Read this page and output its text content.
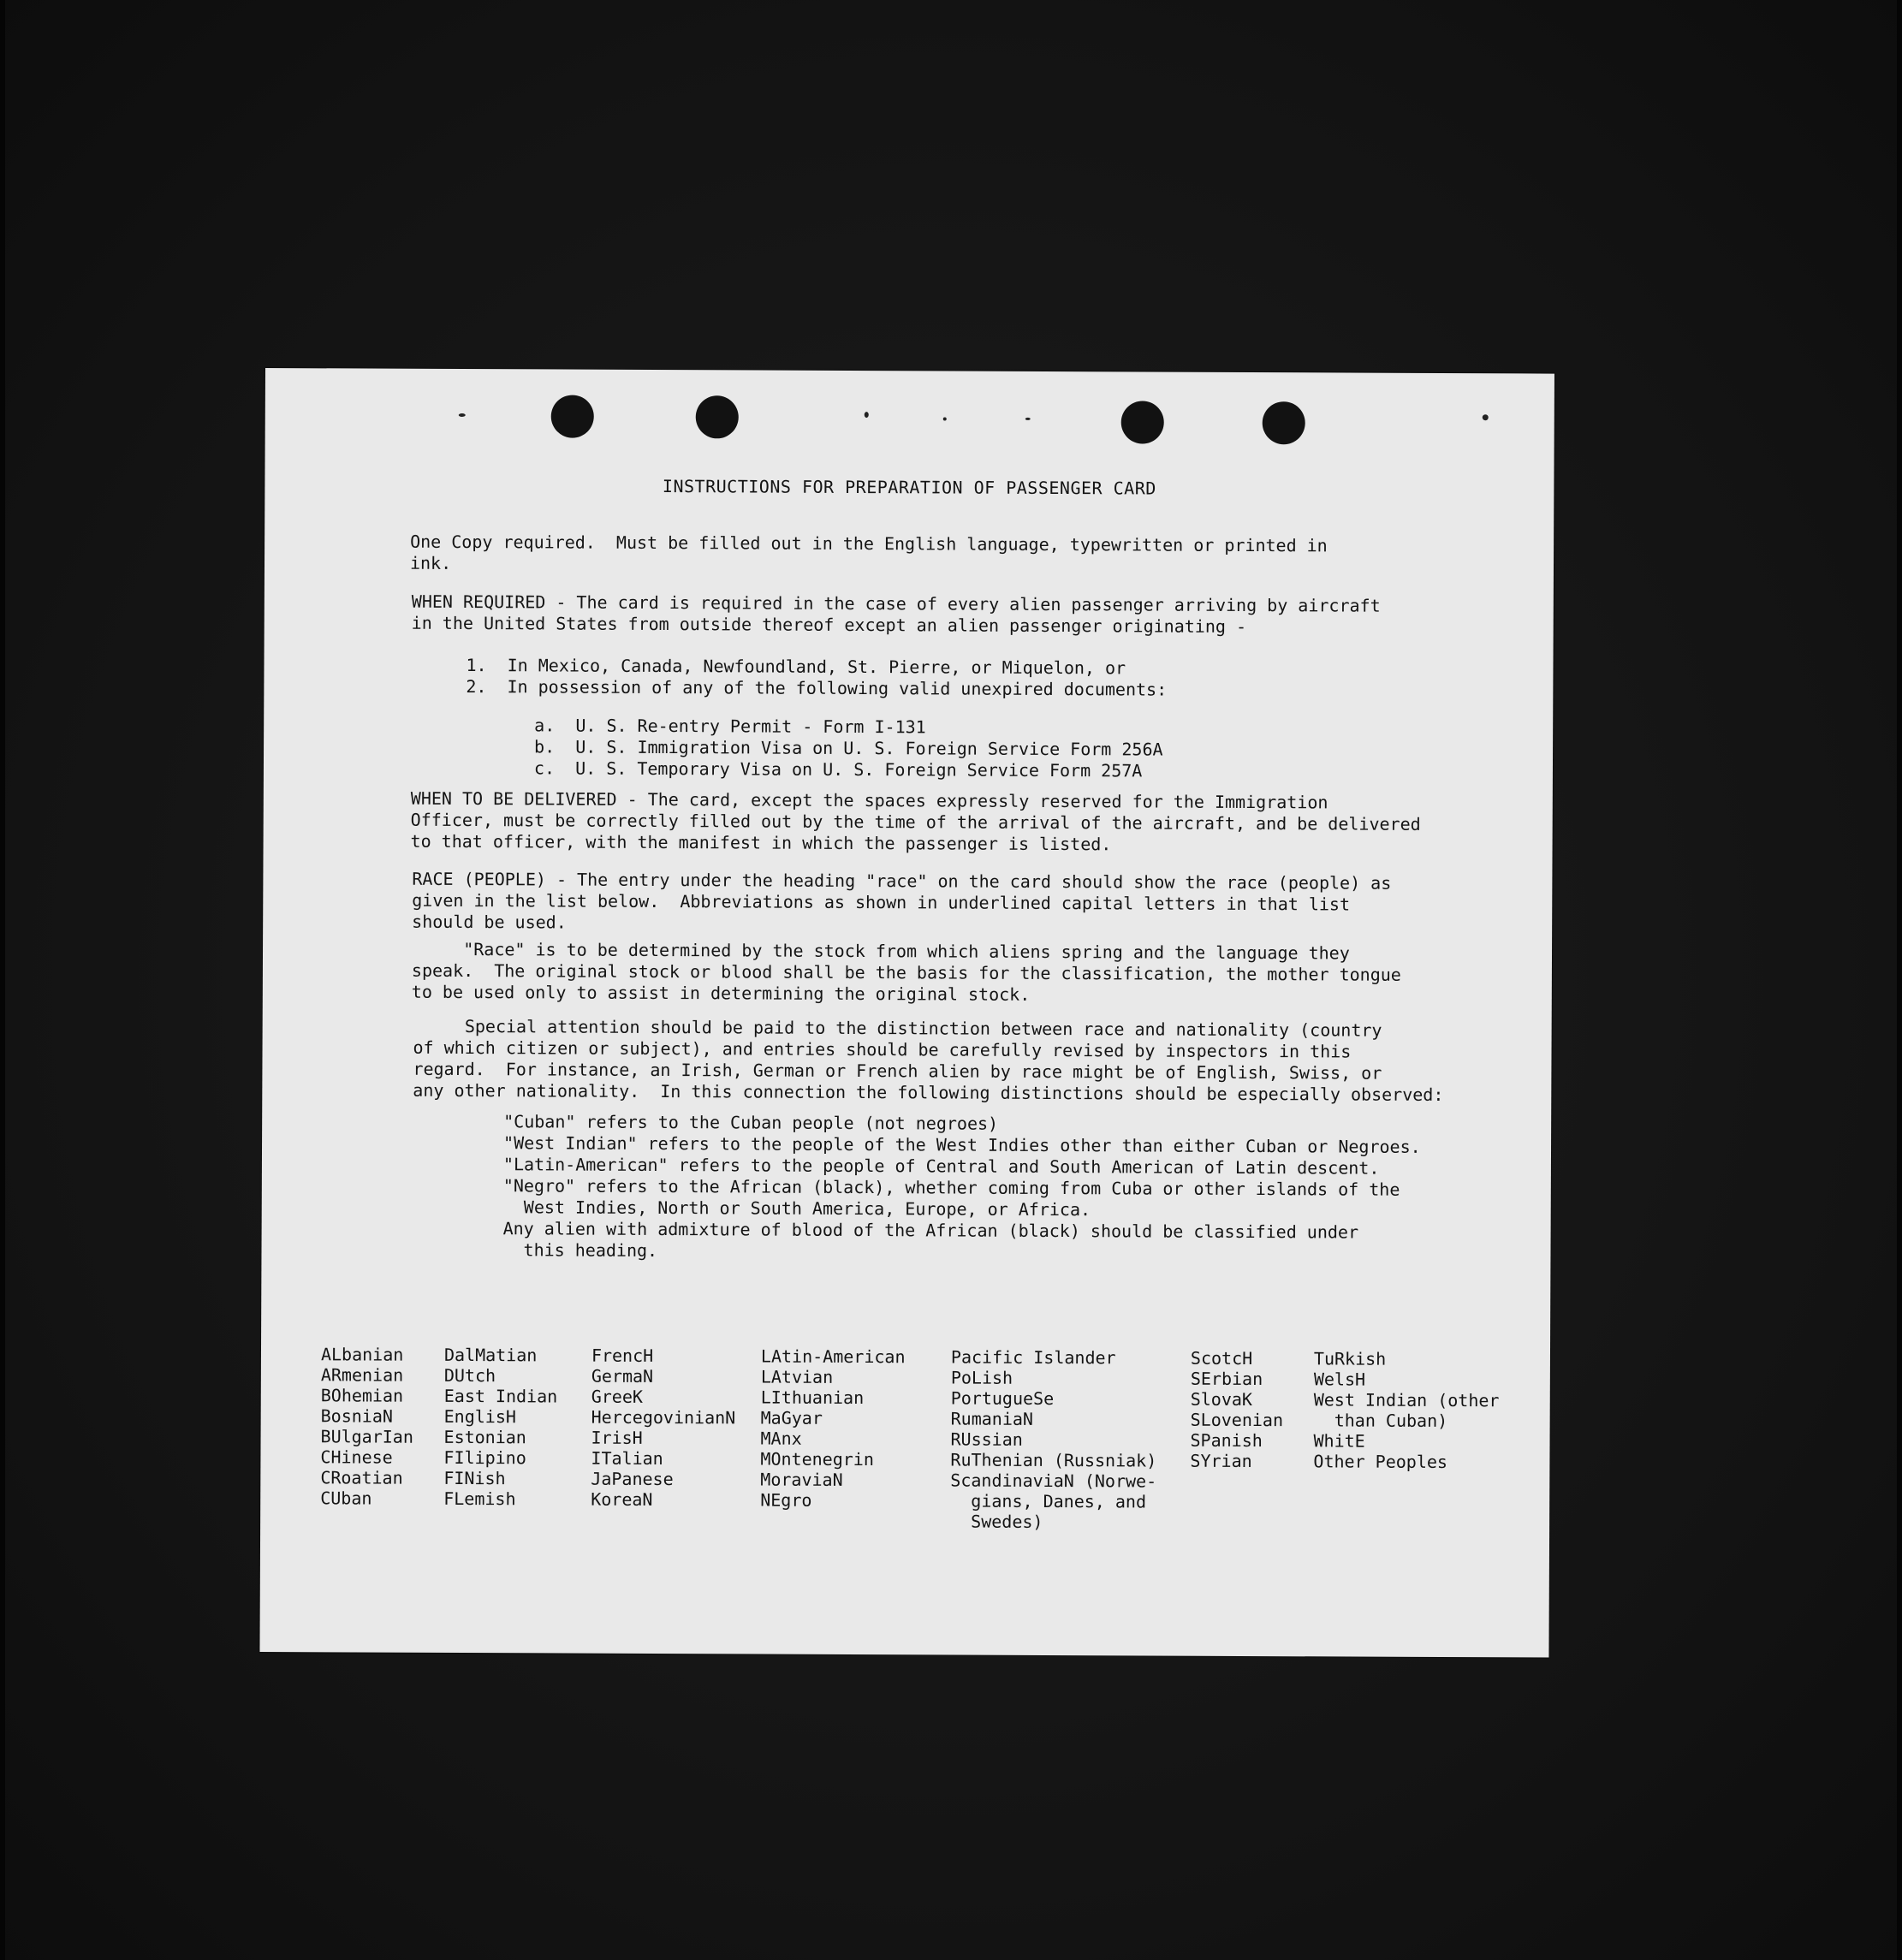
INSTRUCTIONS FOR PREPARATION OF PASSENGER CARD
One Copy required.  Must be filled out in the English language, typewritten or printed in
ink.
WHEN REQUIRED - The card is required in the case of every alien passenger arriving by aircraft
in the United States from outside thereof except an alien passenger originating -
1.  In Mexico, Canada, Newfoundland, St. Pierre, or Miquelon, or
2.  In possession of any of the following valid unexpired documents:
a.  U. S. Re-entry Permit - Form I-131
b.  U. S. Immigration Visa on U. S. Foreign Service Form 256A
c.  U. S. Temporary Visa on U. S. Foreign Service Form 257A
WHEN TO BE DELIVERED - The card, except the spaces expressly reserved for the Immigration
Officer, must be correctly filled out by the time of the arrival of the aircraft, and be delivered
to that officer, with the manifest in which the passenger is listed.
RACE (PEOPLE) - The entry under the heading "race" on the card should show the race (people) as
given in the list below.  Abbreviations as shown in underlined capital letters in that list
should be used.
"Race" is to be determined by the stock from which aliens spring and the language they
speak.  The original stock or blood shall be the basis for the classification, the mother tongue
to be used only to assist in determining the original stock.
Special attention should be paid to the distinction between race and nationality (country
of which citizen or subject), and entries should be carefully revised by inspectors in this
regard.  For instance, an Irish, German or French alien by race might be of English, Swiss, or
any other nationality.  In this connection the following distinctions should be especially observed:
"Cuban" refers to the Cuban people (not negroes)
"West Indian" refers to the people of the West Indies other than either Cuban or Negroes.
"Latin-American" refers to the people of Central and South American of Latin descent.
"Negro" refers to the African (black), whether coming from Cuba or other islands of the
West Indies, North or South America, Europe, or Africa.
Any alien with admixture of blood of the African (black) should be classified under
this heading.
ALbanian
ARmenian
BOhemian
BosniaN
BUlgarIan
CHinese
CRoatian
CUban
DalMatian
DUtch
East Indian
EnglisH
Estonian
FIlipino
FINish
FLemish
FrencH
GermaN
GreeK
HercegovinianN
IrisH
ITalian
JaPanese
KoreaN
LAtin-American
LAtvian
LIthuanian
MaGyar
MAnx
MOntenegrin
MoraviaN
NEgro
Pacific Islander
PoLish
PortugueSe
RumaniaN
RUssian
RuThenian (Russniak)
ScandinaviaN (Norwe-
gians, Danes, and
Swedes)
ScotcH
SErbian
SlovaK
SLovenian
SPanish
SYrian
TuRkish
WelsH
West Indian (other
than Cuban)
WhitE
Other Peoples
